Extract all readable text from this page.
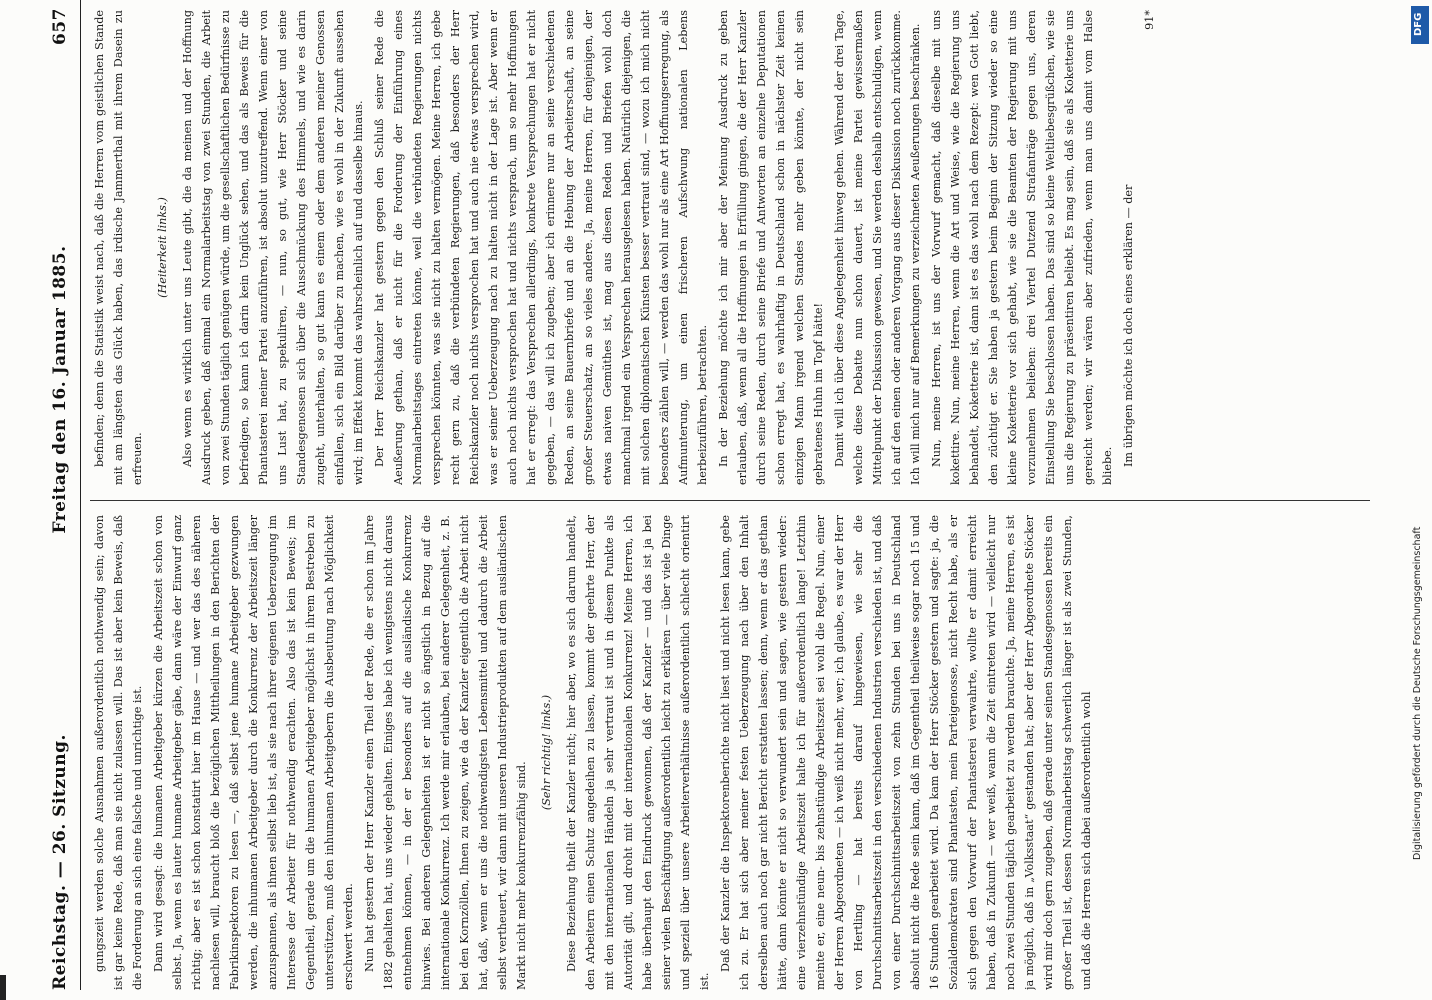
Reichstag. — 26. Sitzung.
Freitag den 16. Januar 1885.
657

gungszeit werden solche Ausnahmen außerordentlich nothwendig sein; davon ist gar keine Rede, daß man sie nicht zulassen will. Das ist aber kein Beweis, daß die Forderung an sich eine falsche und unrichtige ist. Dann wird gesagt: die humanen Arbeitgeber kürzen die Arbeitszeit schon von selbst. Ja, wenn es lauter humane Arbeitgeber gäbe, dann wäre der Einwurf ganz richtig; aber es ist schon konstatirt hier im Hause — und wer das des näheren nachlesen will, braucht bloß die bezüglichen Mittheilungen in den Berichten der Fabrikinspektoren zu lesen —, daß selbst jene humane Arbeitgeber gezwungen werden, die inhumanen Arbeitgeber durch die Konkurrenz der Arbeitszeit länger anzuspannen, als ihnen selbst lieb ist, als sie nach ihrer eigenen Ueberzeugung im Interesse der Arbeiter für nothwendig erachten. Also das ist kein Beweis; im Gegentheil, gerade um die humanen Arbeitgeber möglichst in ihrem Bestreben zu unterstützen, muß den inhumanen Arbeitgebern die Ausbeutung nach Möglichkeit erschwert werden. Nun hat gestern der Herr Kanzler einen Theil der Rede, die er schon im Jahre 1882 gehalten hat, uns wieder gehalten. Einiges habe ich wenigstens nicht daraus entnehmen können, — in der er besonders auf die ausländische Konkurrenz hinwies. Bei anderen Gelegenheiten ist er nicht so ängstlich in Bezug auf die internationale Konkurrenz. Ich werde mir erlauben, bei anderer Gelegenheit, z. B. bei den Kornzöllen, Ihnen zu zeigen, wie da der Kanzler eigentlich die Arbeit nicht hat, daß, wenn er uns die nothwendigsten Lebensmittel und dadurch die Arbeit selbst vertheuert, wir dann mit unseren Industrieprodukten auf dem ausländischen Markt nicht mehr konkurrenzfähig sind.

(Sehr richtig! links.) Diese Beziehung theilt der Kanzler nicht; hier aber, wo es sich darum handelt, den Arbeitern einen Schutz angedeihen zu lassen, kommt der geehrte Herr, der mit den internationalen Händeln ja sehr vertraut ist und in diesem Punkte als Autorität gilt, und droht mit der internationalen Konkurrenz! Meine Herren, ich habe überhaupt den Eindruck gewonnen, daß der Kanzler — und das ist ja bei seiner vielen Beschäftigung außerordentlich leicht zu erklären — über viele Dinge und speziell über unsere Arbeiterverhältnisse außerordentlich schlecht orientirt ist.

Daß der Kanzler die Inspektorenberichte nicht liest und nicht lesen kann, gebe ich zu. Er hat sich aber meiner festen Ueberzeugung nach über den Inhalt derselben auch noch gar nicht Bericht erstatten lassen; denn, wenn er das gethan hätte, dann könnte er nicht so verwundert sein und sagen, wie gestern wieder: eine vierzehnstündige Arbeitszeit halte ich für außerordentlich lange! Letzthin meinte er, eine neun- bis zehnstündige Arbeitszeit sei wohl die Regel. Nun, einer der Herren Abgeordneten — ich weiß nicht mehr, wer; ich glaube, es war der Herr von Hertling — hat bereits darauf hingewiesen, wie sehr die Durchschnittsarbeitszeit in den verschiedenen Industrien verschieden ist, und daß von einer Durchschnittsarbeitszeit von zehn Stunden bei uns in Deutschland absolut nicht die Rede sein kann, daß im Gegentheil theilweise sogar noch 15 und 16 Stunden gearbeitet wird. Da kam der Herr Stöcker gestern und sagte: ja, die Sozialdemokraten sind Phantasten, mein Parteigenosse, nicht Recht habe, als er sich gegen den Vorwurf der Phantasterei verwahrte, wollte er damit erreicht haben, daß in Zukunft — wer weiß, wann die Zeit eintreten wird — vielleicht nur noch zwei Stunden täglich gearbeitet zu werden brauchte. Ja, meine Herren, es ist ja möglich, daß in „Volksstaat“ gestanden hat; aber der Herr Abgeordnete Stöcker wird mir doch gern zugeben, daß gerade unter seinen Standesgenossen bereits ein großer Theil ist, dessen Normalarbeitstag schwerlich länger ist als zwei Stunden, und daß die Herren sich dabei außerordentlich wohl

befinden; denn die Statistik weist nach, daß die Herren vom geistlichen Stande mit am längsten das Glück haben, das irdische Jammerthal mit ihrem Dasein zu erfreuen.

(Heiterkeit links.) Also wenn es wirklich unter uns Leute gibt, die da meinen und der Hoffnung Ausdruck geben, daß einmal ein Normalarbeitstag von zwei Stunden, die Arbeit von zwei Stunden täglich genügen würde, um die gesellschaftlichen Bedürfnisse zu befriedigen, so kann ich darin kein Unglück sehen, und das als Beweis für die Phantasterei meiner Partei anzuführen, ist absolut unzutreffend. Wenn einer von uns Lust hat, zu spekuliren, — nun, so gut, wie Herr Stöcker und seine Standesgenossen sich über die Ausschmückung des Himmels, und wie es darin zugeht, unterhalten, so gut kann es einem oder dem anderen meiner Genossen einfallen, sich ein Bild darüber zu machen, wie es wohl in der Zukunft aussehen wird; im Effekt kommt das wahrscheinlich auf und dasselbe hinaus. Der Herr Reichskanzler hat gestern gegen den Schluß seiner Rede die Aeußerung gethan, daß er nicht für die Forderung der Einführung eines Normalarbeitstages eintreten könne, weil die verbündeten Regierungen nichts versprechen könnten, was sie nicht zu halten vermögen. Meine Herren, ich gebe recht gern zu, daß die verbündeten Regierungen, daß besonders der Herr Reichskanzler noch nichts versprochen hat und auch nie etwas versprechen wird, was er seiner Ueberzeugung nach zu halten nicht in der Lage ist. Aber wenn er auch noch nichts versprochen hat und nichts versprach, um so mehr Hoffnungen hat er erregt: das Versprechen allerdings, konkrete Versprechungen hat er nicht gegeben, — das will ich zugeben; aber ich erinnere nur an seine verschiedenen Reden, an seine Bauernbriefe und an die Hebung der Arbeiterschaft, an seine großer Steuerschatz, an so vieles andere. Ja, meine Herren, für denjenigen, der etwas naiven Gemüthes ist, mag aus diesen Reden und Briefen wohl doch manchmal irgend ein Versprechen herausgelesen haben. Natürlich diejenigen, die mit solchen diplomatischen Künsten besser vertraut sind, — wozu ich mich nicht besonders zählen will, — werden das wohl nur als eine Art Hoffnungserregung, als Aufmunterung, um einen frischeren Aufschwung nationalen Lebens herbeizuführen, betrachten. In der Beziehung möchte ich mir aber der Meinung Ausdruck zu geben erlauben, daß, wenn all die Hoffnungen in Erfüllung gingen, die der Herr Kanzler durch seine Reden, durch seine Briefe und Antworten an einzelne Deputationen schon erregt hat, es wahrhaftig in Deutschland schon in nächster Zeit keinen einzigen Mann irgend welchen Standes mehr geben könnte, der nicht sein gebratenes Huhn im Topf hätte! Damit will ich über diese Angelegenheit hinweg gehen. Während der drei Tage, welche diese Debatte nun schon dauert, ist meine Partei gewissermaßen Mittelpunkt der Diskussion gewesen, und Sie werden deshalb entschuldigen, wenn ich auf den einen oder anderen Vorgang aus dieser Diskussion noch zurückkomme. Ich will mich nur auf Bemerkungen zu verzeichneten Aeußerungen beschränken. Nun, meine Herren, ist uns der Vorwurf gemacht, daß dieselbe mit uns kokettire. Nun, meine Herren, wenn die Art und Weise, wie die Regierung uns behandelt, Koketterie ist, dann ist es das wohl nach dem Rezept: wen Gott liebt, den züchtigt er. Sie haben ja gestern beim Beginn der Sitzung wieder so eine kleine Koketterie vor sich gehabt, wie sie die Beamten der Regierung mit uns vorzunehmen belieben: drei Viertel Dutzend Strafanträge gegen uns, deren Einstellung Sie beschlossen haben. Das sind so kleine Weltliebesgrüßchen, wie sie uns die Regierung zu präsentiren beliebt. Es mag sein, daß sie als Koketterie uns gereicht werden; wir wären aber zufrieden, wenn man uns damit vom Halse bliebe. Im übrigen möchte ich doch eines erklären — der

91*

Digitalisierung gefördert durch die Deutsche Forschungsgemeinschaft
DFG
